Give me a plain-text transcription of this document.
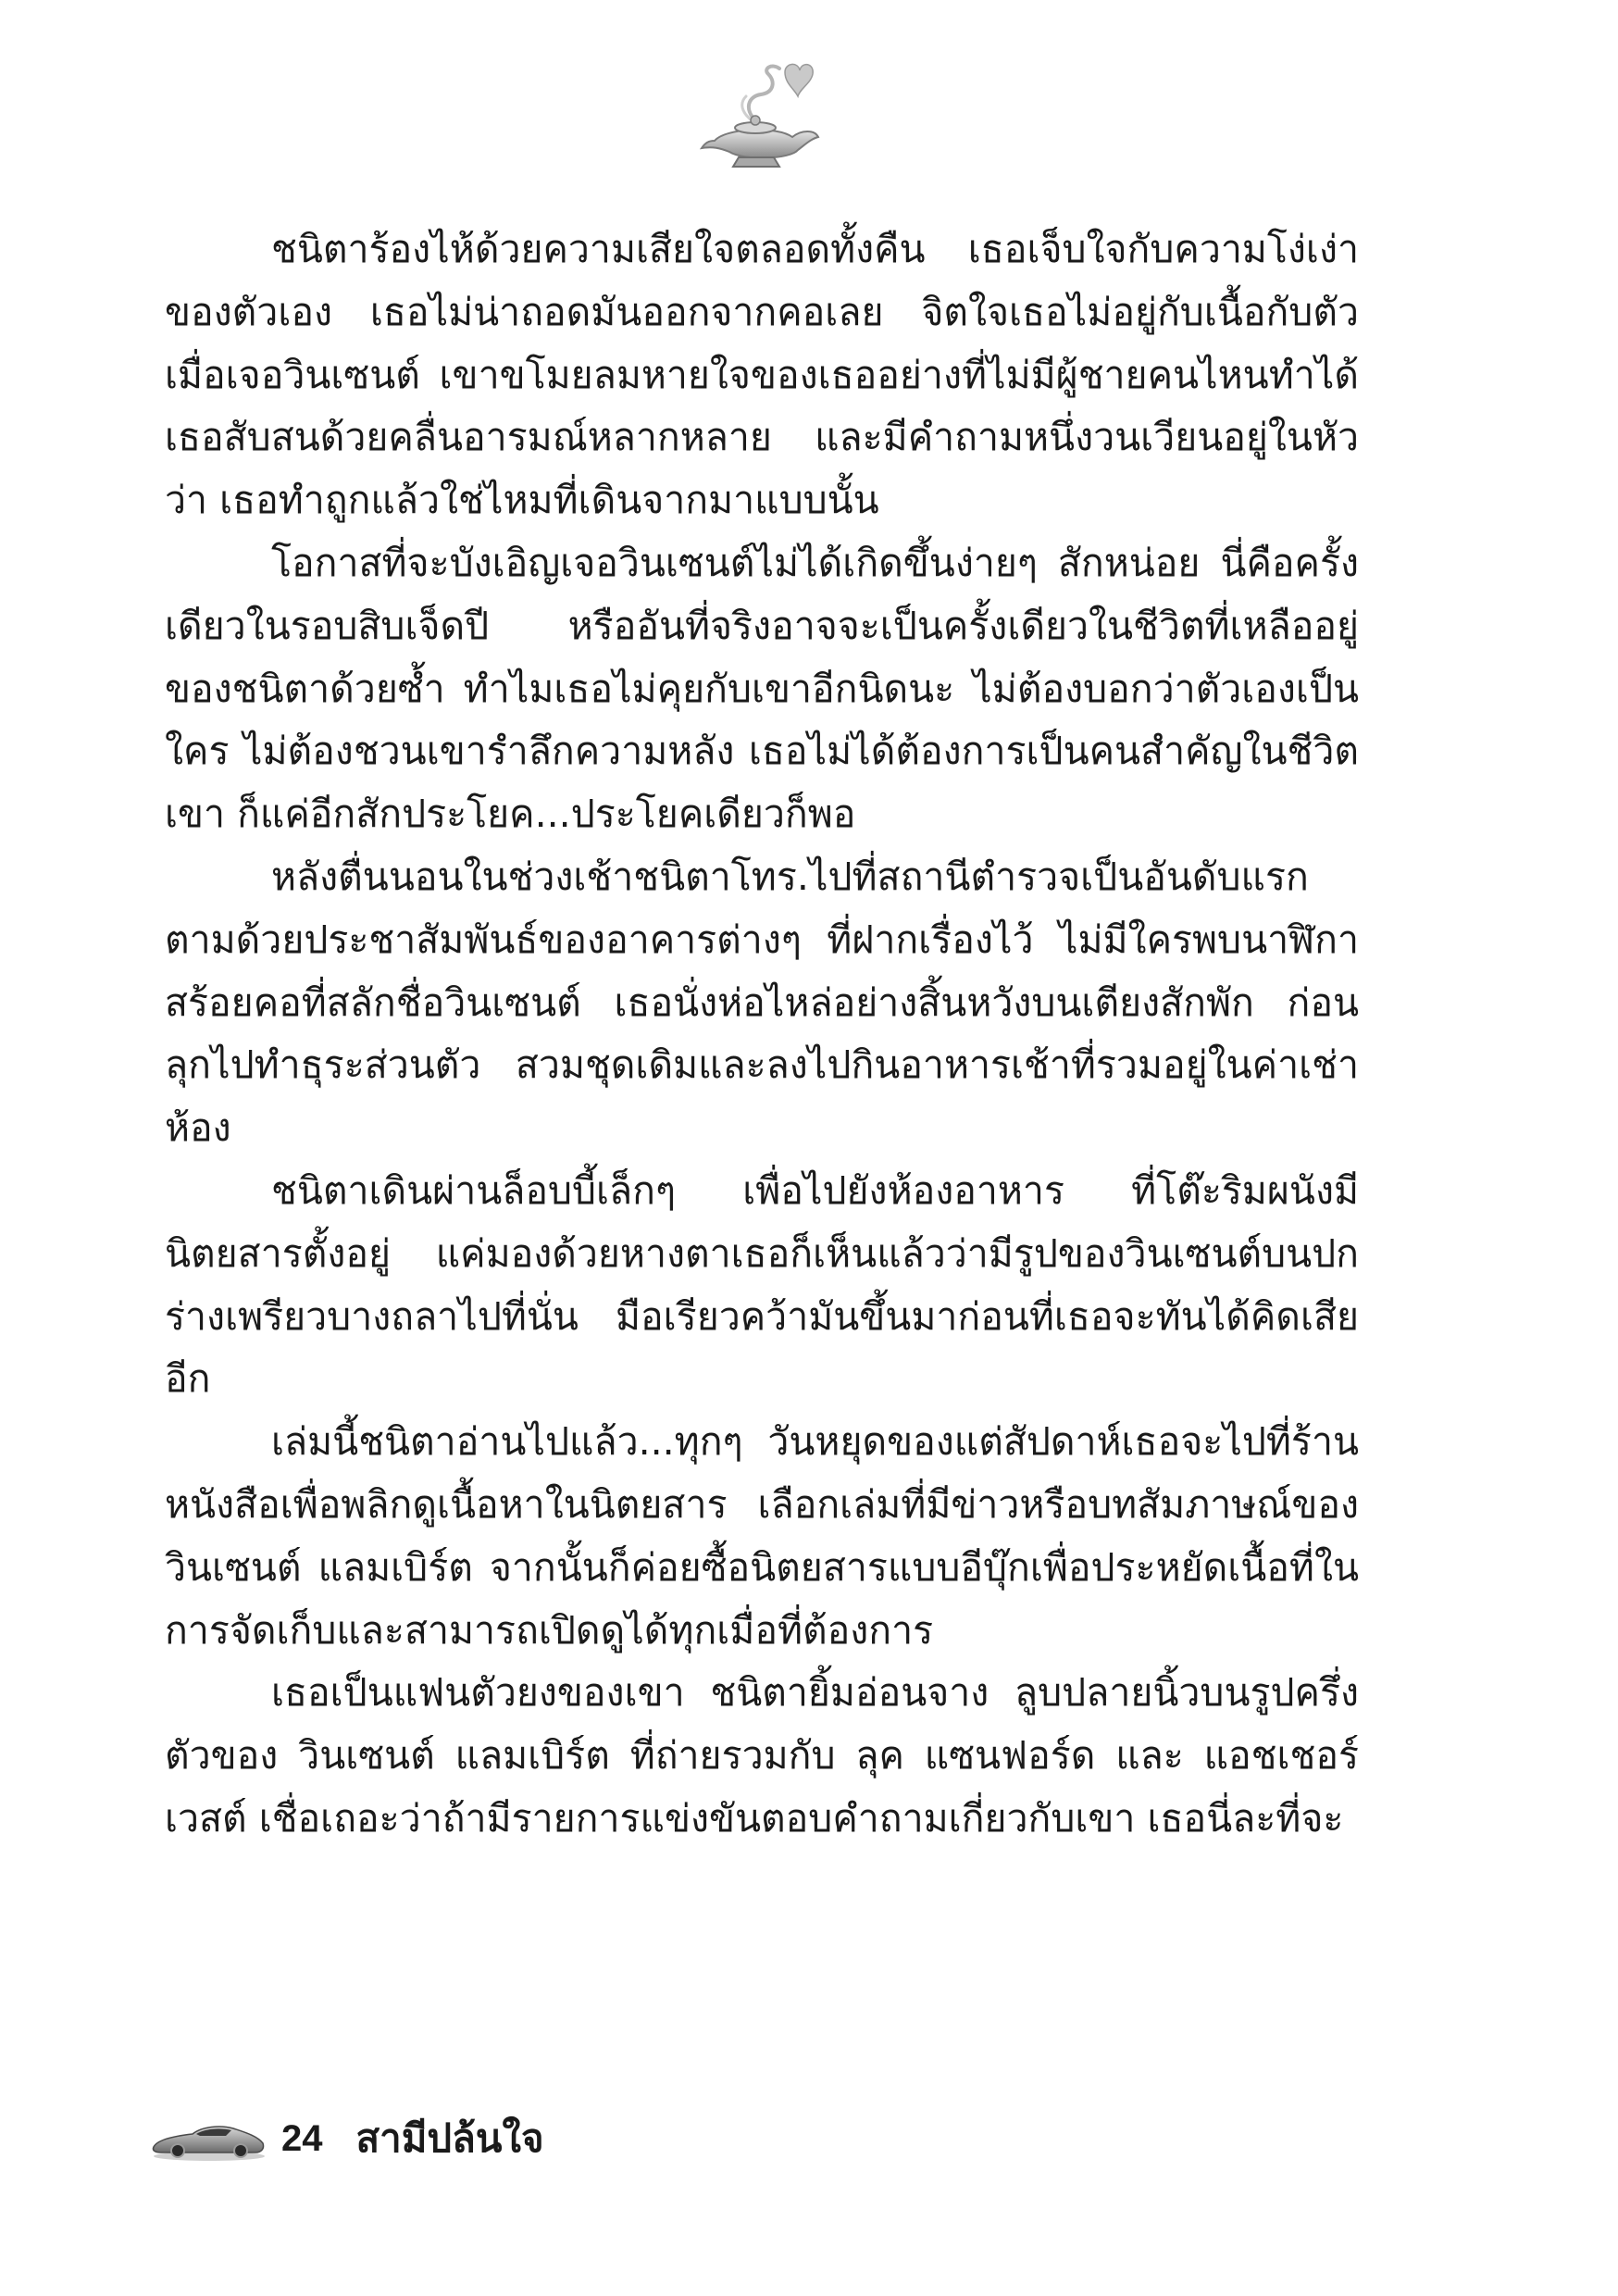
ชนิตาร้องไห้ด้วยความเสียใจตลอดทั้งคืน เธอเจ็บใจกับความโง่เง่าของตัวเอง เธอไม่น่าถอดมันออกจากคอเลย จิตใจเธอไม่อยู่กับเนื้อกับตัวเมื่อเจอวินเซนต์ เขาขโมยลมหายใจของเธออย่างที่ไม่มีผู้ชายคนไหนทำได้ เธอสับสนด้วยคลื่นอารมณ์หลากหลาย และมีคำถามหนึ่งวนเวียนอยู่ในหัวว่า เธอทำถูกแล้วใช่ไหมที่เดินจากมาแบบนั้น

โอกาสที่จะบังเอิญเจอวินเซนต์ไม่ได้เกิดขึ้นง่ายๆ สักหน่อย นี่คือครั้งเดียวในรอบสิบเจ็ดปี หรืออันที่จริงอาจจะเป็นครั้งเดียวในชีวิตที่เหลืออยู่ของชนิตาด้วยซ้ำ ทำไมเธอไม่คุยกับเขาอีกนิดนะ ไม่ต้องบอกว่าตัวเองเป็นใคร ไม่ต้องชวนเขารำลึกความหลัง เธอไม่ได้ต้องการเป็นคนสำคัญในชีวิตเขา ก็แค่อีกสักประโยค...ประโยคเดียวก็พอ

หลังตื่นนอนในช่วงเช้าชนิตาโทร.ไปที่สถานีตำรวจเป็นอันดับแรก ตามด้วยประชาสัมพันธ์ของอาคารต่างๆ ที่ฝากเรื่องไว้ ไม่มีใครพบนาฬิกาสร้อยคอที่สลักชื่อวินเซนต์ เธอนั่งห่อไหล่อย่างสิ้นหวังบนเตียงสักพัก ก่อนลุกไปทำธุระส่วนตัว สวมชุดเดิมและลงไปกินอาหารเช้าที่รวมอยู่ในค่าเช่าห้อง

ชนิตาเดินผ่านล็อบบี้เล็กๆ เพื่อไปยังห้องอาหาร ที่โต๊ะริมผนังมีนิตยสารตั้งอยู่ แค่มองด้วยหางตาเธอก็เห็นแล้วว่ามีรูปของวินเซนต์บนปก ร่างเพรียวบางถลาไปที่นั่น มือเรียวคว้ามันขึ้นมาก่อนที่เธอจะทันได้คิดเสียอีก

เล่มนี้ชนิตาอ่านไปแล้ว...ทุกๆ วันหยุดของแต่สัปดาห์เธอจะไปที่ร้านหนังสือเพื่อพลิกดูเนื้อหาในนิตยสาร เลือกเล่มที่มีข่าวหรือบทสัมภาษณ์ของ วินเซนต์ แลมเบิร์ต จากนั้นก็ค่อยซื้อนิตยสารแบบอีบุ๊กเพื่อประหยัดเนื้อที่ในการจัดเก็บและสามารถเปิดดูได้ทุกเมื่อที่ต้องการ

เธอเป็นแฟนตัวยงของเขา ชนิตายิ้มอ่อนจาง ลูบปลายนิ้วบนรูปครึ่งตัวของ วินเซนต์ แลมเบิร์ต ที่ถ่ายรวมกับ ลุค แซนฟอร์ด และ แอชเชอร์ เวสต์ เชื่อเถอะว่าถ้ามีรายการแข่งขันตอบคำถามเกี่ยวกับเขา เธอนี่ละที่จะ

24 สามีปล้นใจ
